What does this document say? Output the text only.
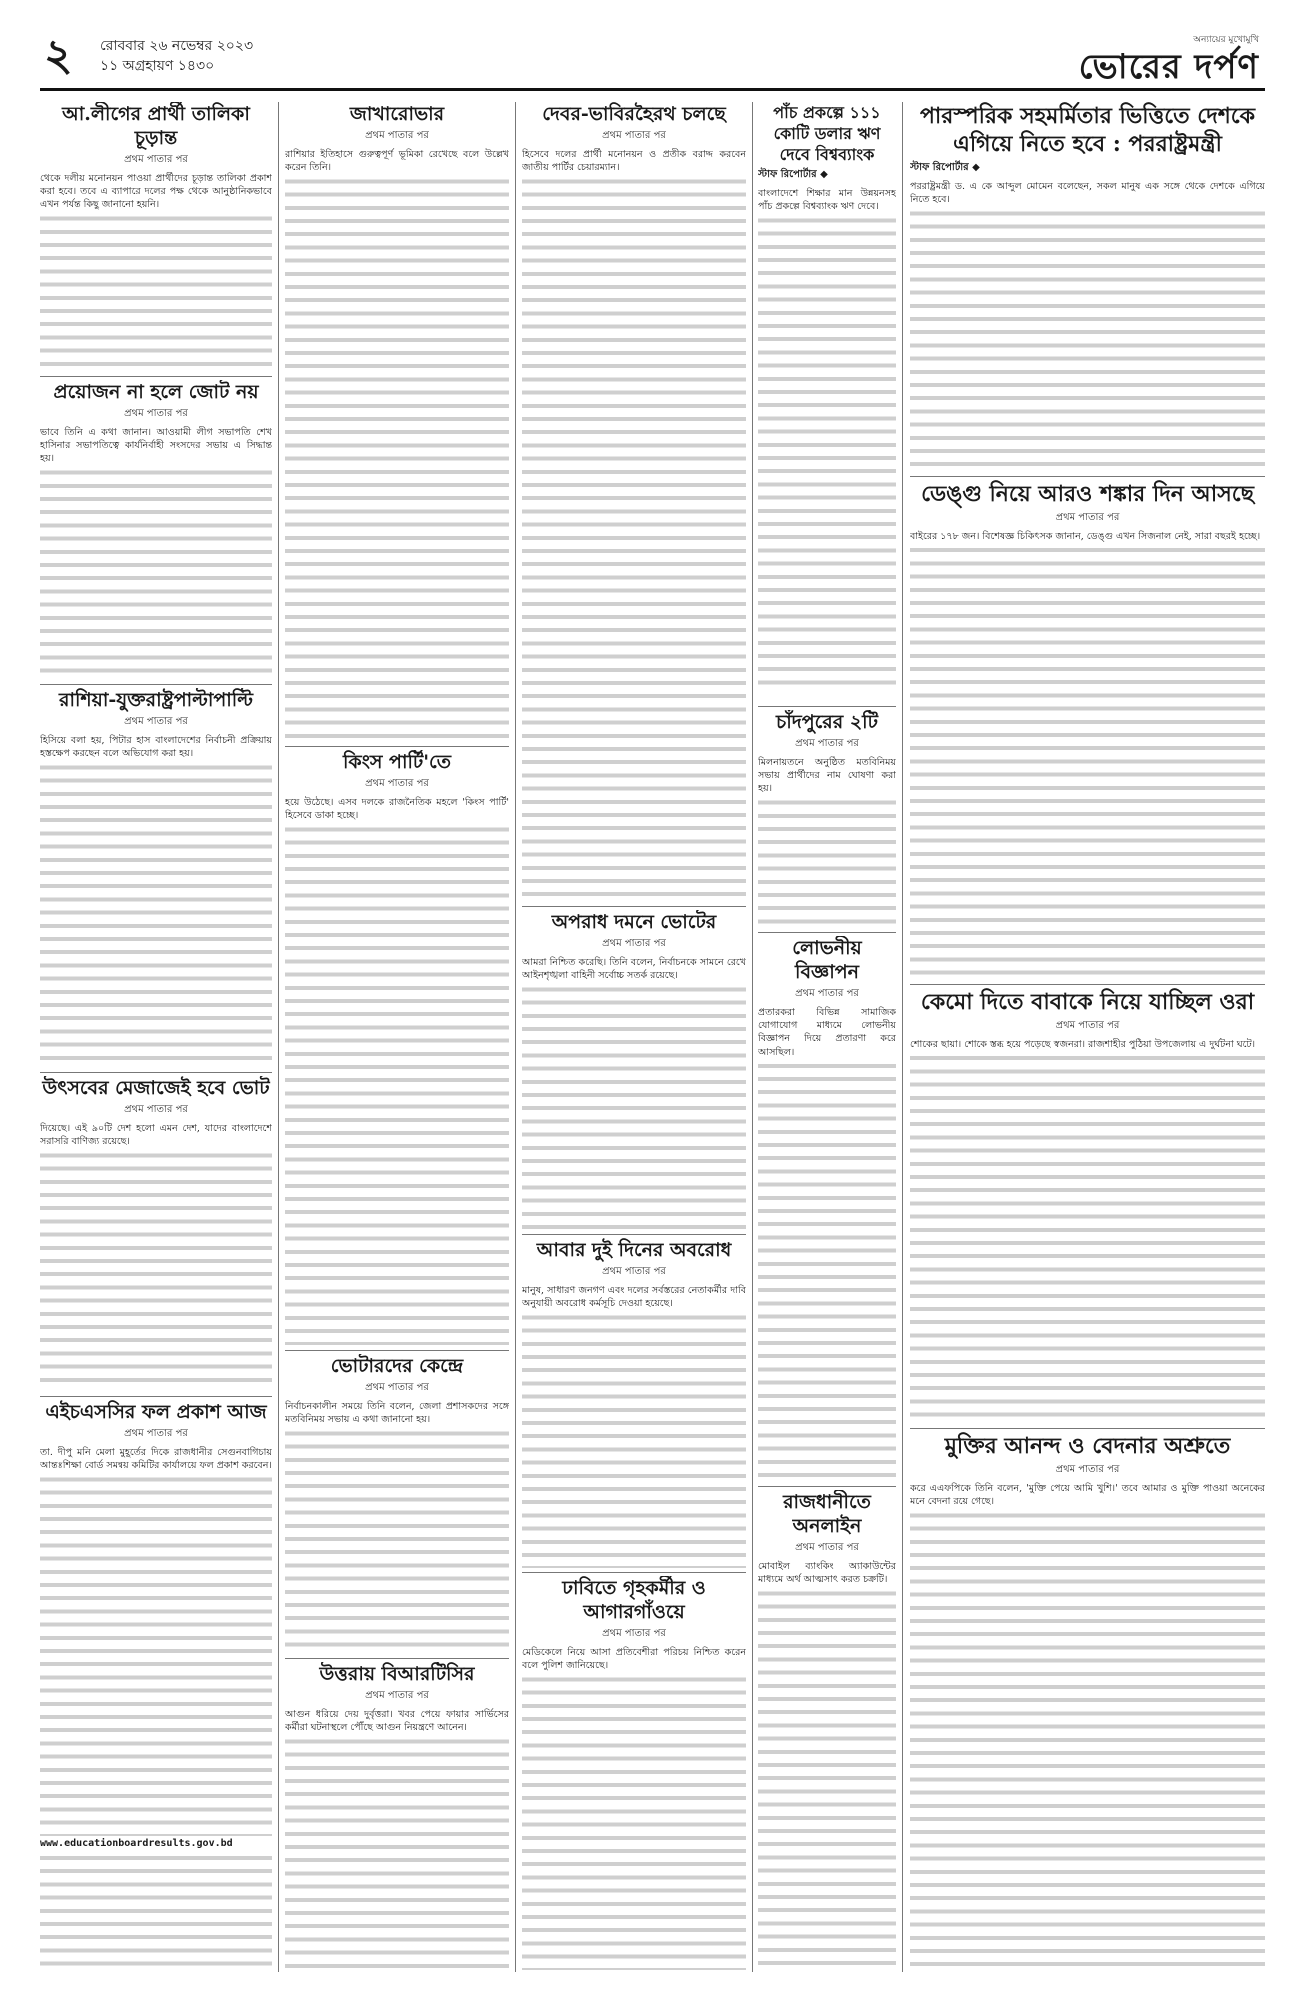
২ রোববার ২৬ নভেম্বর ২০২৩
১১ অগ্রহায়ণ ১৪৩০
অন্যায়ের মুখোমুখি
ভোরের দর্পণ
আ.লীগের প্রার্থী তালিকা চূড়ান্ত
প্রথম পাতার পর
থেকে দলীয় মনোনয়ন পাওয়া প্রার্থীদের চূড়ান্ত তালিকা প্রকাশ করা হবে। তবে এ ব্যাপারে দলের পক্ষ থেকে আনুষ্ঠানিকভাবে এখন পর্যন্ত কিছু জানানো হয়নি।
প্রয়োজন না হলে জোট নয়
প্রথম পাতার পর
ভাবে তিনি এ কথা জানান। আওয়ামী লীগ সভাপতি শেখ হাসিনার সভাপতিত্বে কার্যনির্বাহী সংসদের সভায় এ সিদ্ধান্ত হয়।
রাশিয়া-যুক্তরাষ্ট্রপাল্টাপাল্টি
প্রথম পাতার পর
হিসিয়ে বলা হয়, পিটার হাস বাংলাদেশের নির্বাচনী প্রক্রিয়ায় হস্তক্ষেপ করছেন বলে অভিযোগ করা হয়।
উৎসবের মেজাজেই হবে ভোট
প্রথম পাতার পর
দিয়েছে। এই ৯০টি দেশ হলো এমন দেশ, যাদের বাংলাদেশে সরাসরি বাণিজ্য রয়েছে।
এইচএসসির ফল প্রকাশ আজ
প্রথম পাতার পর
তা. দীপু মনি মেলা মুহূর্তের দিকে রাজধানীর সেগুনবাগিচায় আন্তঃশিক্ষা বোর্ড সমন্বয় কমিটির কার্যালয়ে ফল প্রকাশ করবেন।
www.educationboardresults.gov.bd
জাখারোভার
প্রথম পাতার পর
রাশিয়ার ইতিহাসে গুরুত্বপূর্ণ ভূমিকা রেখেছে বলে উল্লেখ করেন তিনি।
কিংস পার্টি'তে
প্রথম পাতার পর
হয়ে উঠেছে। এসব দলকে রাজনৈতিক মহলে 'কিংস পার্টি' হিসেবে ডাকা হচ্ছে।
ভোটারদের কেন্দ্রে
প্রথম পাতার পর
নির্বাচনকালীন সময়ে তিনি বলেন, জেলা প্রশাসকদের সঙ্গে মতবিনিময় সভায় এ কথা জানানো হয়।
উত্তরায় বিআরটিসির
প্রথম পাতার পর
আগুন ধরিয়ে দেয় দুর্বৃত্তরা। খবর পেয়ে ফায়ার সার্ভিসের কর্মীরা ঘটনাস্থলে পৌঁছে আগুন নিয়ন্ত্রণে আনেন।
দেবর-ভাবিরহৈরথ চলছে
প্রথম পাতার পর
হিসেবে দলের প্রার্থী মনোনয়ন ও প্রতীক বরাদ্দ করবেন জাতীয় পার্টির চেয়ারম্যান।
অপরাধ দমনে ভোটের
প্রথম পাতার পর
আমরা নিশ্চিত করেছি। তিনি বলেন, নির্বাচনকে সামনে রেখে আইনশৃঙ্খলা বাহিনী সর্বোচ্চ সতর্ক রয়েছে।
আবার দুই দিনের অবরোধ
প্রথম পাতার পর
মানুষ, সাধারণ জনগণ এবং দলের সর্বস্তরের নেতাকর্মীর দাবি অনুযায়ী অবরোধ কর্মসূচি দেওয়া হয়েছে।
ঢাবিতে গৃহকর্মীর ও আগারগাঁওয়ে
প্রথম পাতার পর
মেডিকেলে নিয়ে আসা প্রতিবেশীরা পরিচয় নিশ্চিত করেন বলে পুলিশ জানিয়েছে।
পাঁচ প্রকল্পে ১১১ কোটি ডলার ঋণ দেবে বিশ্বব্যাংক
স্টাফ রিপোর্টার ◆
বাংলাদেশে শিক্ষার মান উন্নয়নসহ পাঁচ প্রকল্পে বিশ্বব্যাংক ঋণ দেবে।
চাঁদপুরের ২টি
প্রথম পাতার পর
মিলনায়তনে অনুষ্ঠিত মতবিনিময় সভায় প্রার্থীদের নাম ঘোষণা করা হয়।
লোভনীয় বিজ্ঞাপন
প্রথম পাতার পর
প্রতারকরা বিভিন্ন সামাজিক যোগাযোগ মাধ্যমে লোভনীয় বিজ্ঞাপন দিয়ে প্রতারণা করে আসছিল।
রাজধানীতে অনলাইন
প্রথম পাতার পর
মোবাইল ব্যাংকিং অ্যাকাউন্টের মাধ্যমে অর্থ আত্মসাৎ করত চক্রটি।
পারস্পরিক সহমর্মিতার ভিত্তিতে দেশকে এগিয়ে নিতে হবে : পররাষ্ট্রমন্ত্রী
স্টাফ রিপোর্টার ◆
পররাষ্ট্রমন্ত্রী ড. এ কে আব্দুল মোমেন বলেছেন, সকল মানুষ এক সঙ্গে থেকে দেশকে এগিয়ে নিতে হবে।
ডেঙ্গু নিয়ে আরও শঙ্কার দিন আসছে
প্রথম পাতার পর
বাইরের ১৭৮ জন। বিশেষজ্ঞ চিকিৎসক জানান, ডেঙ্গু এখন সিজনাল নেই, সারা বছরই হচ্ছে।
কেমো দিতে বাবাকে নিয়ে যাচ্ছিল ওরা
প্রথম পাতার পর
শোকের ছায়া। শোকে স্তব্ধ হয়ে পড়েছে স্বজনরা। রাজশাহীর পুঠিয়া উপজেলায় এ দুর্ঘটনা ঘটে।
মুক্তির আনন্দ ও বেদনার অশ্রুতে
প্রথম পাতার পর
করে এএফপিকে তিনি বলেন, 'মুক্তি পেয়ে আমি খুশি।' তবে আমার ও মুক্তি পাওয়া অনেকের মনে বেদনা রয়ে গেছে।
